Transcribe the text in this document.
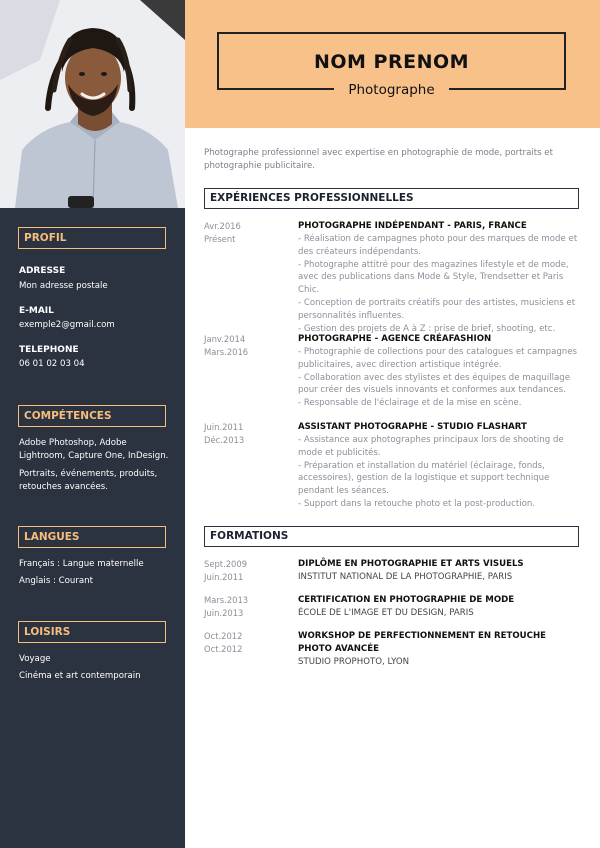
PROFIL
ADRESSE
Mon adresse postale
E-MAIL
exemple2@gmail.com
TELEPHONE
06 01 02 03 04
COMPÉTENCES
Adobe Photoshop, Adobe Lightroom, Capture One, InDesign.
Portraits, événements, produits, retouches avancées.
LANGUES
Français : Langue maternelle
Anglais : Courant
LOISIRS
Voyage
Cinéma et art contemporain
NOM PRENOM
Photographe
Photographe professionnel avec expertise en photographie de mode, portraits et photographie publicitaire.
EXPÉRIENCES PROFESSIONNELLES
Avr.2016
Présent
PHOTOGRAPHE INDÉPENDANT - PARIS, FRANCE
- Réalisation de campagnes photo pour des marques de mode et des créateurs indépendants.
- Photographe attitré pour des magazines lifestyle et de mode, avec des publications dans Mode & Style, Trendsetter et Paris Chic.
- Conception de portraits créatifs pour des artistes, musiciens et personnalités influentes.
- Gestion des projets de A à Z : prise de brief, shooting, etc.
Janv.2014
Mars.2016
PHOTOGRAPHE - AGENCE CRÉAFASHION
- Photographie de collections pour des catalogues et campagnes publicitaires, avec direction artistique intégrée.
- Collaboration avec des stylistes et des équipes de maquillage pour créer des visuels innovants et conformes aux tendances.
- Responsable de l'éclairage et de la mise en scène.
Juin.2011
Déc.2013
ASSISTANT PHOTOGRAPHE - STUDIO FLASHART
- Assistance aux photographes principaux lors de shooting de mode et publicités.
- Préparation et installation du matériel (éclairage, fonds, accessoires), gestion de la logistique et support technique pendant les séances.
- Support dans la retouche photo et la post-production.
FORMATIONS
Sept.2009
Juin.2011
DIPLÔME EN PHOTOGRAPHIE ET ARTS VISUELS
INSTITUT NATIONAL DE LA PHOTOGRAPHIE, PARIS
Mars.2013
Juin.2013
CERTIFICATION EN PHOTOGRAPHIE DE MODE
ÉCOLE DE L'IMAGE ET DU DESIGN, PARIS
Oct.2012
Oct.2012
WORKSHOP DE PERFECTIONNEMENT EN RETOUCHE PHOTO AVANCÉE
STUDIO PROPHOTO, LYON
